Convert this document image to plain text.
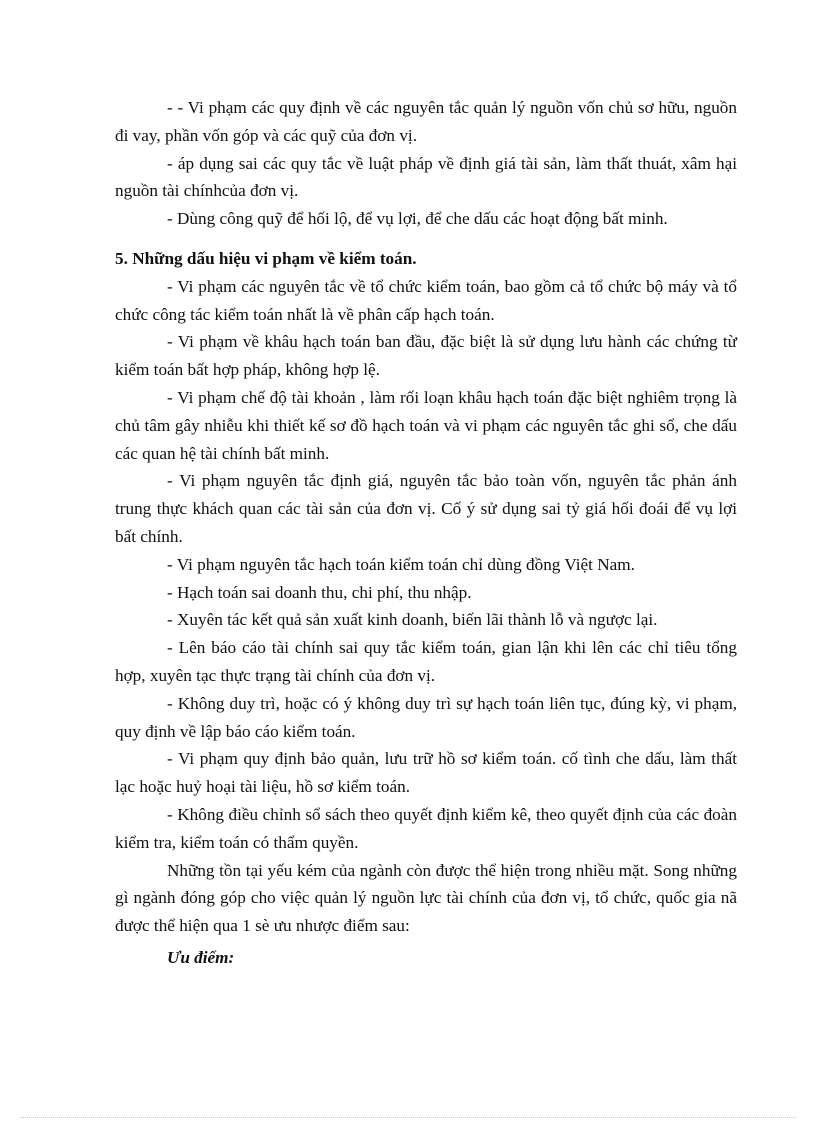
- - Vi phạm các quy định về các nguyên tắc quản lý nguồn vốn chủ sơ hữu, nguồn đi vay, phần vốn góp và các quỹ của đơn vị.

- áp dụng sai các quy tắc về luật pháp về định giá tài sản, làm thất thuát, xâm hại nguồn tài chínhcủa đơn vị.

- Dùng công quỹ để hối lộ, để vụ lợi, để che dấu các hoạt động bất minh.

5. Những dấu hiệu vi phạm về kiểm toán.

- Vi phạm các nguyên tắc về tổ chức kiểm toán, bao gồm cả tổ chức bộ máy và tổ chức công tác kiểm toán nhất là về phân cấp hạch toán.

- Vi phạm về khâu hạch toán ban đầu, đặc biệt là sử dụng lưu hành các chứng từ kiểm toán bất hợp pháp, không hợp lệ.

- Vi phạm chế độ tài khoản , làm rối loạn khâu hạch toán đặc biệt nghiêm trọng là chủ tâm gây nhiễu khi thiết kế sơ đồ hạch toán và vi phạm các nguyên tắc ghi sổ, che dấu các quan hệ tài chính bất minh.

- Vi phạm nguyên tắc định giá, nguyên tắc bảo toàn vốn, nguyên tắc phản ánh trung thực khách quan các tài sản của đơn vị. Cố ý sử dụng sai tỷ giá hối đoái để vụ lợi bất chính.

- Vi phạm nguyên tắc hạch toán kiểm toán chỉ dùng đồng Việt Nam.

- Hạch toán sai doanh thu, chi phí, thu nhập.

- Xuyên tác kết quả sản xuất kinh doanh, biến lãi thành lỗ và ngược lại.

- Lên báo cáo tài chính sai quy tắc kiểm toán, gian lận khi lên các chỉ tiêu tổng hợp, xuyên tạc thực trạng tài chính của đơn vị.

- Không duy trì, hoặc có ý không duy trì sự hạch toán liên tục, đúng kỳ, vi phạm, quy định về lập báo cáo kiểm toán.

- Vi phạm quy định bảo quản, lưu trữ hồ sơ kiểm toán. cố tình che dấu, làm thất lạc hoặc huỷ hoại tài liệu, hồ sơ kiểm toán.

- Không điều chỉnh sổ sách theo quyết định kiểm kê, theo quyết định của các đoàn kiểm tra, kiểm toán có thẩm quyền.

Những tồn tại yếu kém của ngành còn được thể hiện trong nhiều mặt. Song những gì ngành đóng góp cho việc quản lý nguồn lực tài chính của đơn vị, tổ chức, quốc gia nã được thể hiện qua 1 sè ưu nhược điểm sau:

Ưu điểm:
